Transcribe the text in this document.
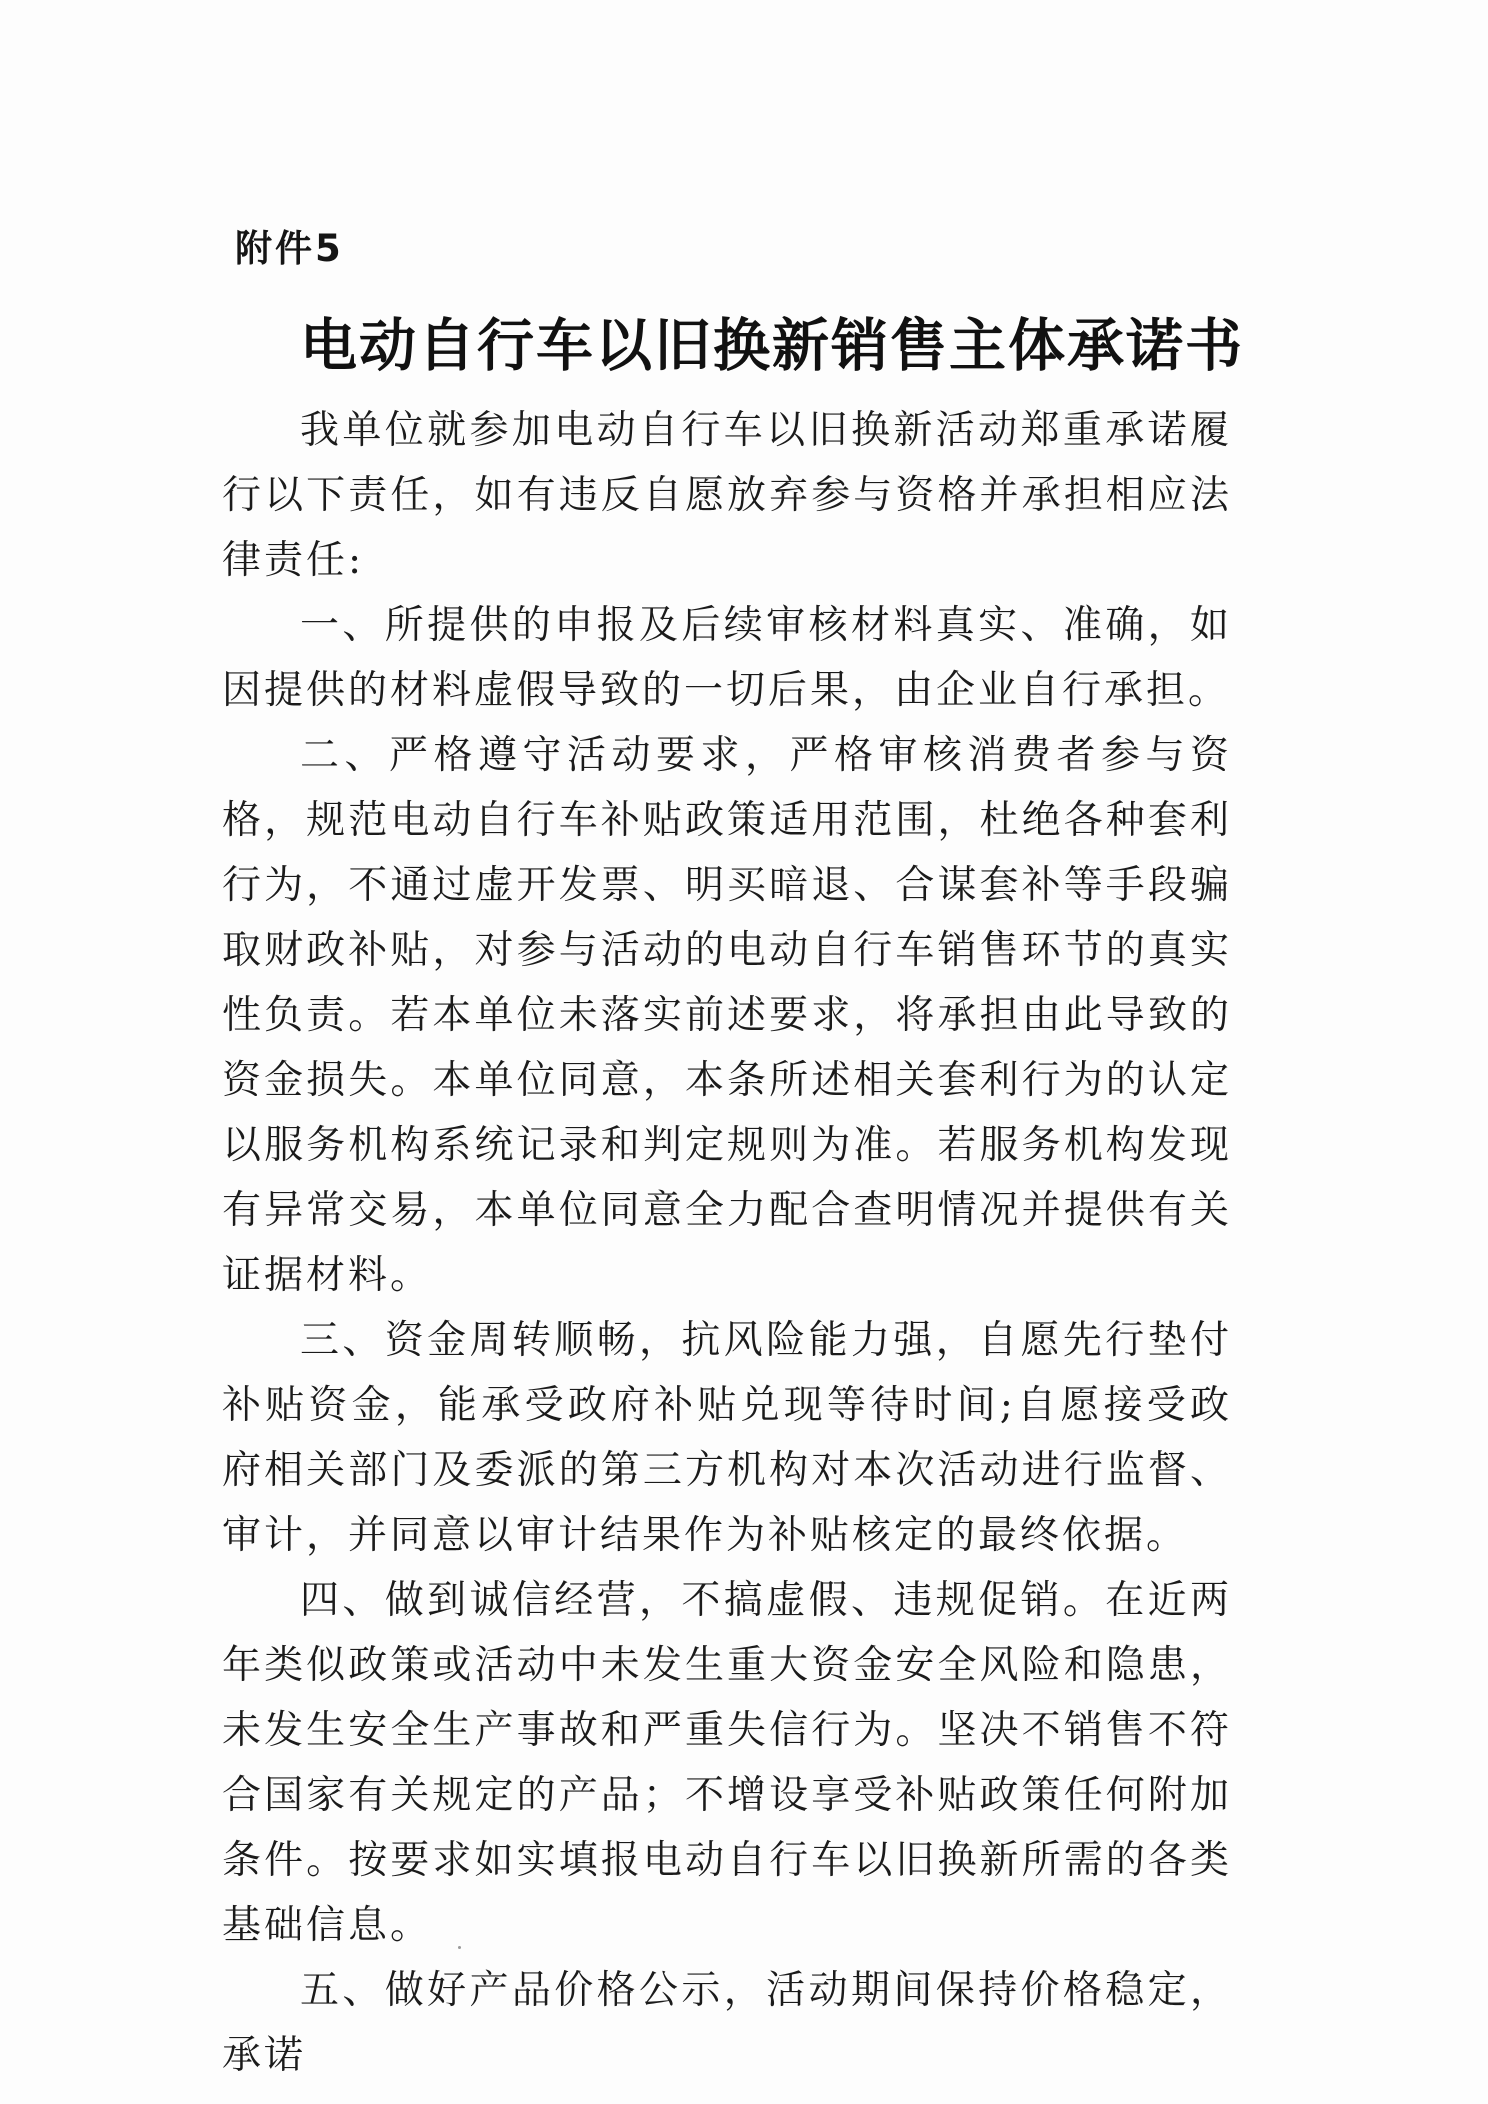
附件5
电动自行车以旧换新销售主体承诺书

我单位就参加电动自行车以旧换新活动郑重承诺履行以下责任，如有违反自愿放弃参与资格并承担相应法律责任:

一、所提供的申报及后续审核材料真实、准确，如因提供的材料虚假导致的一切后果，由企业自行承担。

二、严格遵守活动要求，严格审核消费者参与资格，规范电动自行车补贴政策适用范围，杜绝各种套利行为，不通过虚开发票、明买暗退、合谋套补等手段骗取财政补贴，对参与活动的电动自行车销售环节的真实性负责。若本单位未落实前述要求，将承担由此导致的资金损失。本单位同意，本条所述相关套利行为的认定以服务机构系统记录和判定规则为准。若服务机构发现有异常交易，本单位同意全力配合查明情况并提供有关证据材料。

三、资金周转顺畅，抗风险能力强，自愿先行垫付补贴资金，能承受政府补贴兑现等待时间;自愿接受政府相关部门及委派的第三方机构对本次活动进行监督、审计，并同意以审计结果作为补贴核定的最终依据。

四、做到诚信经营，不搞虚假、违规促销。在近两年类似政策或活动中未发生重大资金安全风险和隐患，未发生安全生产事故和严重失信行为。坚决不销售不符合国家有关规定的产品；不增设享受补贴政策任何附加条件。按要求如实填报电动自行车以旧换新所需的各类基础信息。

五、做好产品价格公示，活动期间保持价格稳定，承诺
